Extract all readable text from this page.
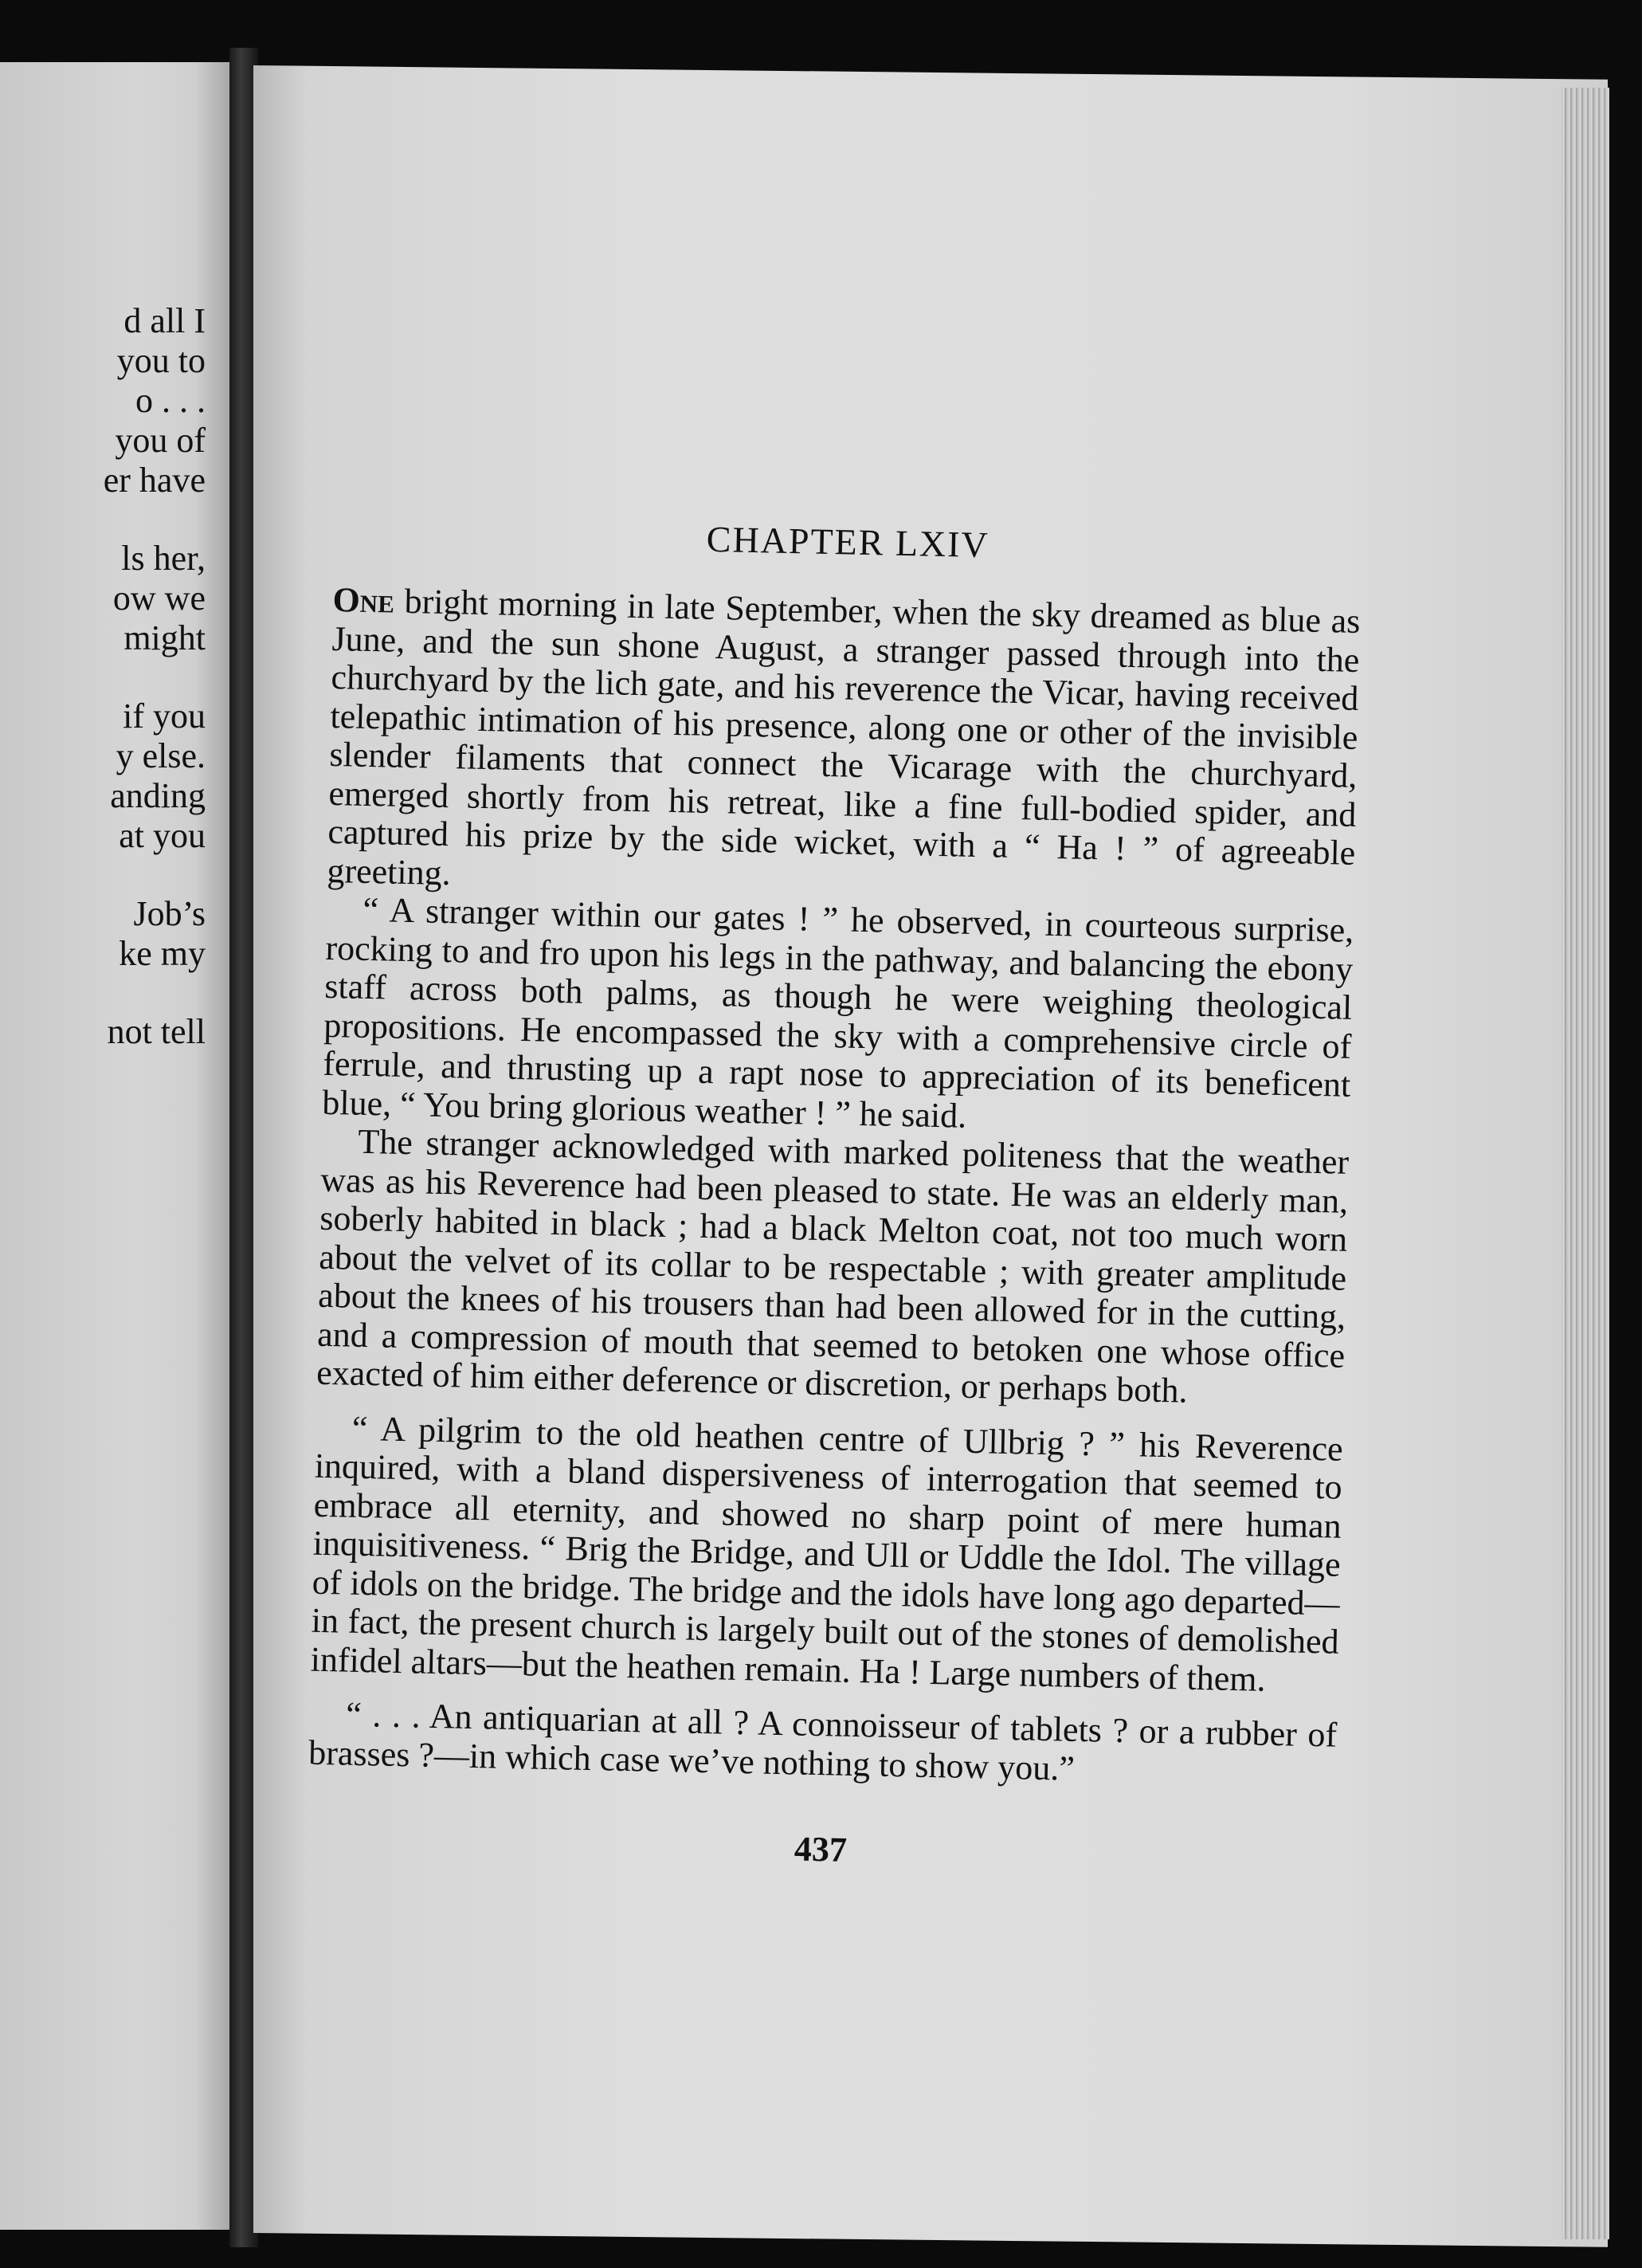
d all I
you to
o . . .
you of
er have
ls her,
ow we
might
if you
y else.
anding
at you
Job’s
ke my
not tell
CHAPTER LXIV

One bright morning in late September, when the sky dreamed as blue as June, and the sun shone August, a stranger passed through into the churchyard by the lich gate, and his reverence the Vicar, having received telepathic intimation of his presence, along one or other of the invisible slender filaments that connect the Vicarage with the churchyard, emerged shortly from his retreat, like a fine full-bodied spider, and captured his prize by the side wicket, with a “ Ha ! ” of agreeable greeting.

“ A stranger within our gates ! ” he observed, in courteous surprise, rocking to and fro upon his legs in the pathway, and balancing the ebony staff across both palms, as though he were weighing theological propositions. He encompassed the sky with a comprehensive circle of ferrule, and thrusting up a rapt nose to appreciation of its beneficent blue, “ You bring glorious weather ! ” he said.

The stranger acknowledged with marked politeness that the weather was as his Reverence had been pleased to state. He was an elderly man, soberly habited in black ; had a black Melton coat, not too much worn about the velvet of its collar to be respectable ; with greater amplitude about the knees of his trousers than had been allowed for in the cutting, and a compression of mouth that seemed to betoken one whose office exacted of him either deference or discretion, or perhaps both.

“ A pilgrim to the old heathen centre of Ullbrig ? ” his Reverence inquired, with a bland dispersiveness of interrogation that seemed to embrace all eternity, and showed no sharp point of mere human inquisitiveness. “ Brig the Bridge, and Ull or Uddle the Idol. The village of idols on the bridge. The bridge and the idols have long ago departed—in fact, the present church is largely built out of the stones of demolished infidel altars—but the heathen remain. Ha ! Large numbers of them.

“ . . . An antiquarian at all ? A connoisseur of tablets ? or a rubber of brasses ?—in which case we’ve nothing to show you.”

437
